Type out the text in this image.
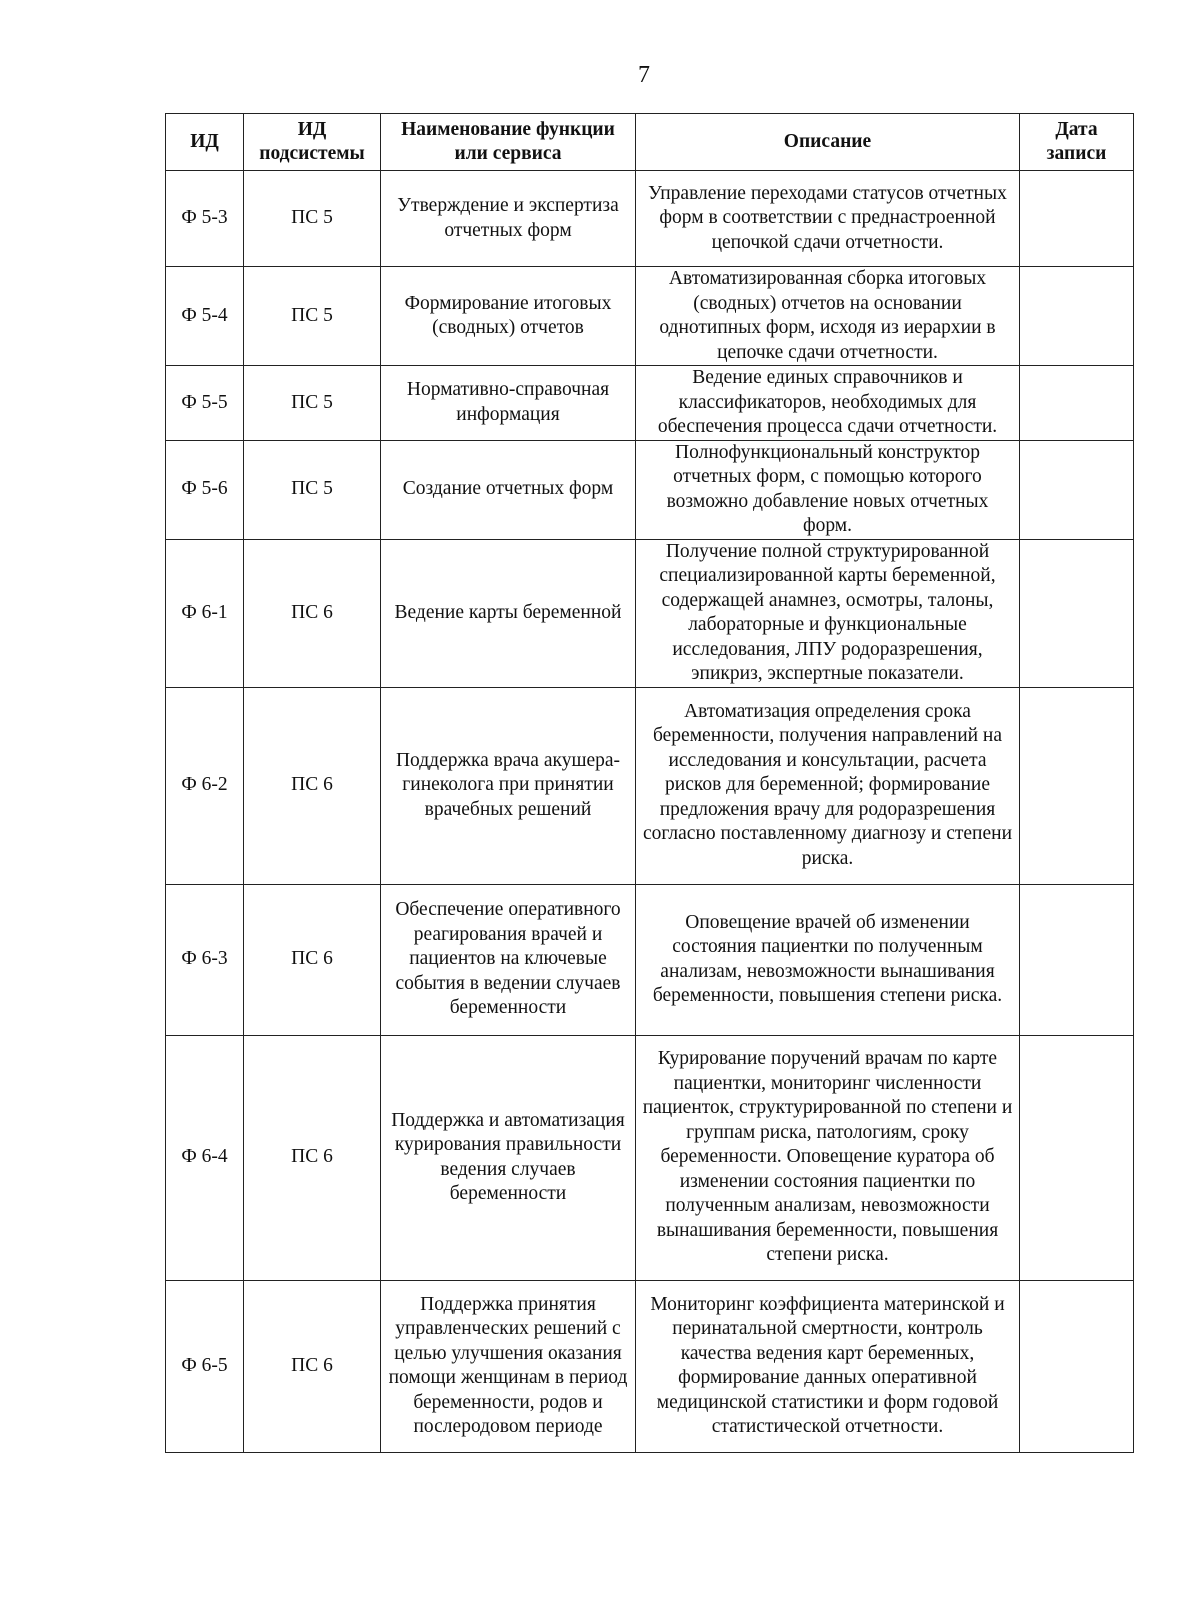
7
ИД	ИД подсистемы	Наименование функции или сервиса	Описание	Дата записи
Ф 5-3	ПС 5	Утверждение и экспертиза отчетных форм	Управление переходами статусов отчетных форм в соответствии с преднастроенной цепочкой сдачи отчетности.	
Ф 5-4	ПС 5	Формирование итоговых (сводных) отчетов	Автоматизированная сборка итоговых (сводных) отчетов на основании однотипных форм, исходя из иерархии в цепочке сдачи отчетности.	
Ф 5-5	ПС 5	Нормативно-справочная информация	Ведение единых справочников и классификаторов, необходимых для обеспечения процесса сдачи отчетности.	
Ф 5-6	ПС 5	Создание отчетных форм	Полнофункциональный конструктор отчетных форм, с помощью которого возможно добавление новых отчетных форм.	
Ф 6-1	ПС 6	Ведение карты беременной	Получение полной структурированной специализированной карты беременной, содержащей анамнез, осмотры, талоны, лабораторные и функциональные исследования, ЛПУ родоразрешения, эпикриз, экспертные показатели.	
Ф 6-2	ПС 6	Поддержка врача акушера-гинеколога при принятии врачебных решений	Автоматизация определения срока беременности, получения направлений на исследования и консультации, расчета рисков для беременной; формирование предложения врачу для родоразрешения согласно поставленному диагнозу и степени риска.	
Ф 6-3	ПС 6	Обеспечение оперативного реагирования врачей и пациентов на ключевые события в ведении случаев беременности	Оповещение врачей об изменении состояния пациентки по полученным анализам, невозможности вынашивания беременности, повышения степени риска.	
Ф 6-4	ПС 6	Поддержка и автоматизация курирования правильности ведения случаев беременности	Курирование поручений врачам по карте пациентки, мониторинг численности пациенток, структурированной по степени и группам риска, патологиям, сроку беременности. Оповещение куратора об изменении состояния пациентки по полученным анализам, невозможности вынашивания беременности, повышения степени риска.	
Ф 6-5	ПС 6	Поддержка принятия управленческих решений с целью улучшения оказания помощи женщинам в период беременности, родов и послеродовом периоде	Мониторинг коэффициента материнской и перинатальной смертности, контроль качества ведения карт беременных, формирование данных оперативной медицинской статистики и форм годовой статистической отчетности.	
